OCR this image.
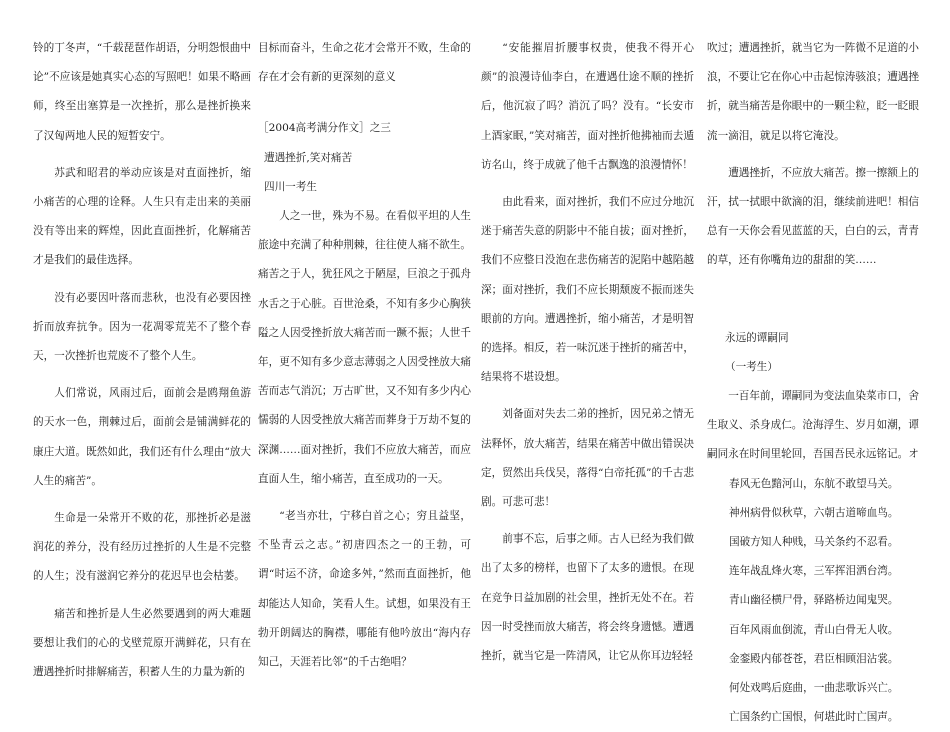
铃的丁冬声，“千载琵琶作胡语，分明怨恨曲中论”不应该是她真实心态的写照吧！如果不略画师，终至出塞算是一次挫折，那么是挫折换来了汉匈两地人民的短暂安宁。

苏武和昭君的举动应该是对直面挫折，缩小痛苦的心理的诠释。人生只有走出来的美丽没有等出来的辉煌，因此直面挫折，化解痛苦才是我们的最佳选择。

没有必要因叶落而悲秋，也没有必要因挫折而放弃抗争。因为一花凋零荒芜不了整个春天，一次挫折也荒废不了整个人生。

人们常说，风雨过后，面前会是鸥翔鱼游的天水一色，荆棘过后，面前会是铺满鲜花的康庄大道。既然如此，我们还有什么理由“放大人生的痛苦”。

生命是一朵常开不败的花，那挫折必是滋润花的养分，没有经历过挫折的人生是不完整的人生；没有滋润它养分的花迟早也会枯萎。

痛苦和挫折是人生必然要遇到的两大难题要想让我们的心的戈壁荒原开满鲜花，只有在遭遇挫折时排解痛苦，积蓄人生的力量为新的

目标而奋斗，生命之花才会常开不败，生命的存在才会有新的更深刻的意义

［2004高考满分作文］之三

遭遇挫折,笑对痛苦

四川一考生

人之一世，殊为不易。在看似平坦的人生旅途中充满了种种荆棘，往往使人痛不欲生。痛苦之于人，犹狂风之于陋屋，巨浪之于孤舟水舌之于心脏。百世沧桑，不知有多少心胸狭隘之人因受挫折放大痛苦而一蹶不振；人世千年，更不知有多少意志薄弱之人因受挫放大痛苦而志气消沉；万古旷世，又不知有多少内心懦弱的人因受挫放大痛苦而葬身于万劫不复的深渊……面对挫折，我们不应放大痛苦，而应直面人生，缩小痛苦，直至成功的一天。

“老当亦壮，宁移白首之心；穷且益坚，不坠青云之志。”初唐四杰之一的王勃，可谓“时运不济，命途多舛，”然而直面挫折，他却能达人知命，笑看人生。试想，如果没有王勃开朗阔达的胸襟，哪能有他吟放出“海内存知己，天涯若比邻”的千古绝唱？

“安能摧眉折腰事权贵，使我不得开心颜”的浪漫诗仙李白，在遭遇仕途不顺的挫折后，他沉寂了吗？消沉了吗？没有。“长安市上酒家眠，”笑对痛苦，面对挫折他拂袖而去遁访名山，终于成就了他千古飘逸的浪漫情怀！

由此看来，面对挫折，我们不应过分地沉迷于痛苦失意的阴影中不能自拔；面对挫折，我们不应整日没泡在悲伤痛苦的泥陷中越陷越深；面对挫折，我们不应长期颓废不振而迷失眼前的方向。遭遇挫折，缩小痛苦，才是明智的选择。相反，若一味沉迷于挫折的痛苦中，结果将不堪设想。

刘备面对失去二弟的挫折，因兄弟之情无法释怀，放大痛苦，结果在痛苦中做出错误决定，贸然出兵伐吴，落得“白帝托孤”的千古悲剧。可悲可悲！

前事不忘，后事之师。古人已经为我们做出了太多的榜样，也留下了太多的遗恨。在现在竞争日益加剧的社会里，挫折无处不在。若因一时受挫而放大痛苦，将会终身遗憾。遭遇挫折，就当它是一阵清风，让它从你耳边轻轻

吹过；遭遇挫折，就当它为一阵微不足道的小浪，不要让它在你心中击起惊涛骇浪；遭遇挫折，就当痛苦是你眼中的一颗尘粒，眨一眨眼流一滴泪，就足以将它淹没。

遭遇挫折，不应放大痛苦。擦一擦额上的汗，拭一拭眼中欲滴的泪，继续前进吧！相信总有一天你会看见蓝蓝的天，白白的云，青青的草，还有你嘴角边的甜甜的笑……

永远的谭嗣同

（一考生）

一百年前，谭嗣同为变法血染菜市口，舍生取义、杀身成仁。沧海浮生、岁月如潮，谭嗣同永在时间里轮回，吾国吾民永远铭记。オ

春风无色黯河山，东航不敢望马关。

神州病骨似秋草，六朝古道啼血鸟。

国破方知人种贱，马关条约不忍看。

连年战乱烽火寒，三军挥泪洒台湾。

青山幽径横尸骨，驿路桥边闻鬼哭。

百年风雨血倒流，青山白骨无人收。

金銮殿内郁苍苍，君臣相顾泪沾裳。

何处戏鸣后庭曲，一曲悲歌诉兴亡。

亡国条约亡国恨，何堪此时亡国声。
